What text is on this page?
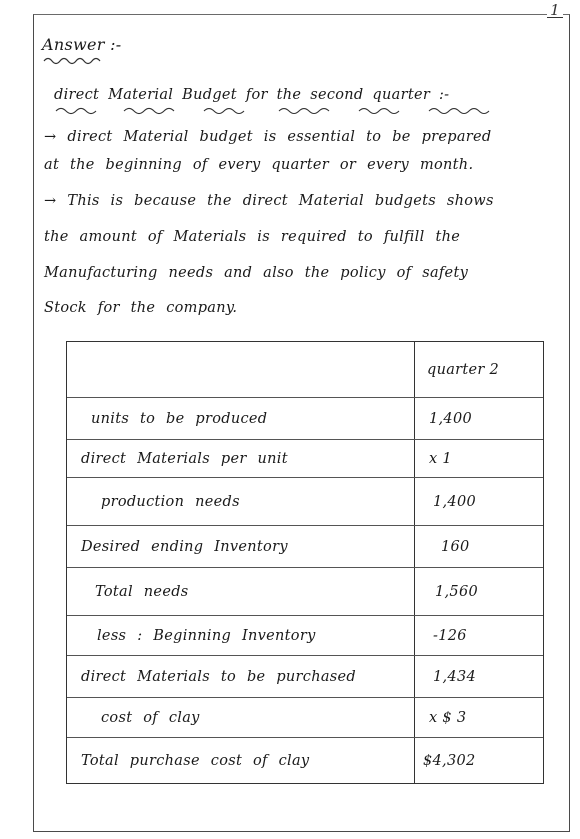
1
Answer :-
direct Material Budget for the second quarter :-
→ direct Material budget is essential to be prepared
at the beginning of every quarter or every month.
→ This is because the direct Material budgets shows
the amount of Materials is required to fulfill the
Manufacturing needs and also the policy of safety
Stock for the company.
quarter 2
units to be produced	1,400
direct Materials per unit	x 1
production needs	1,400
Desired ending Inventory	160
Total needs	1,560
less : Beginning Inventory	-126
direct Materials to be purchased	1,434
cost of clay	x $ 3
Total purchase cost of clay	$4,302
